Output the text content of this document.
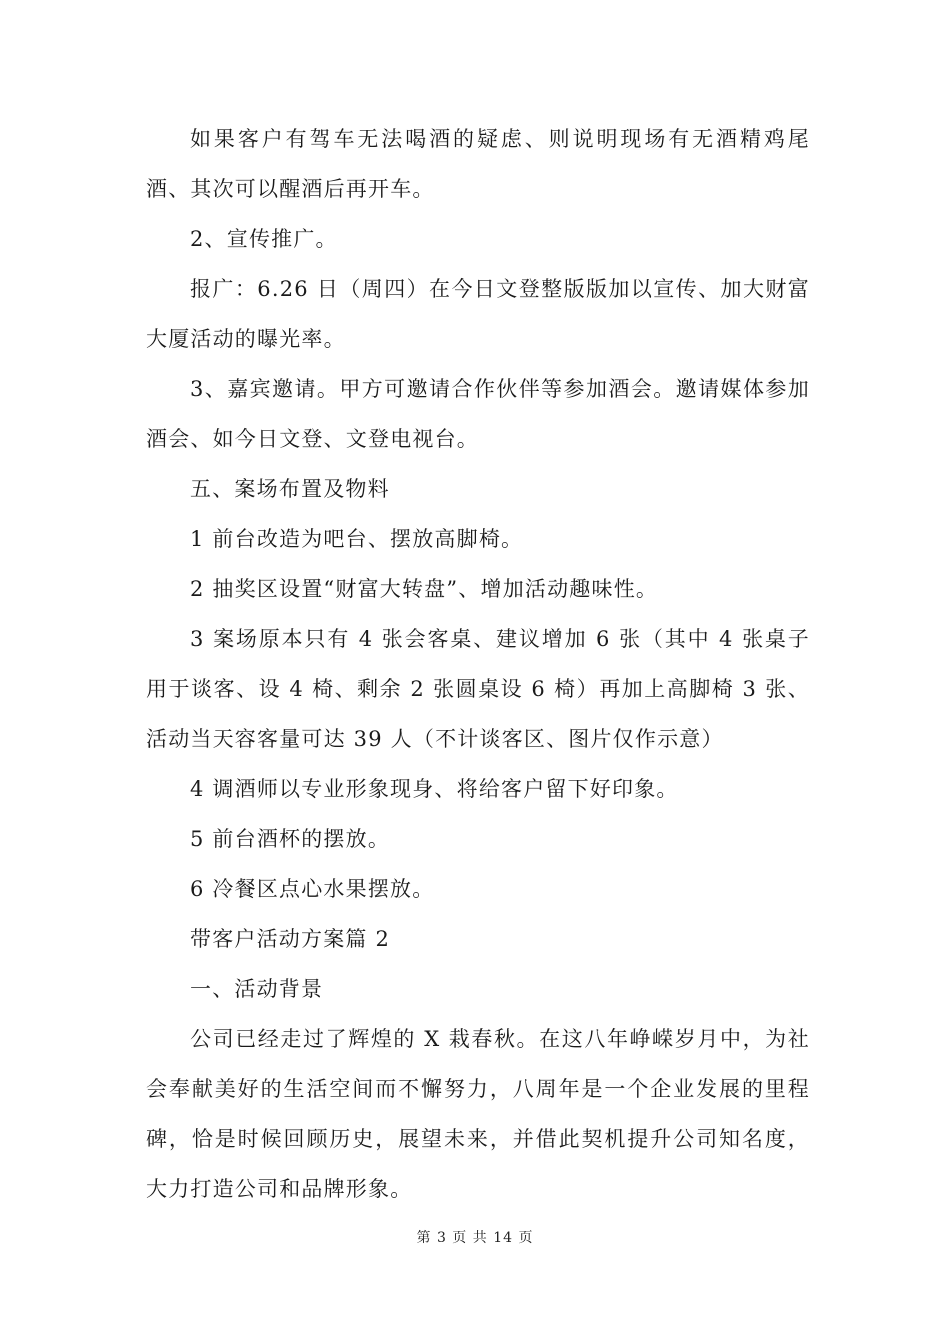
如果客户有驾车无法喝酒的疑虑、则说明现场有无酒精鸡尾酒、其次可以醒酒后再开车。

2、宣传推广。

报广：6.26 日（周四）在今日文登整版版加以宣传、加大财富大厦活动的曝光率。

3、嘉宾邀请。甲方可邀请合作伙伴等参加酒会。邀请媒体参加酒会、如今日文登、文登电视台。

五、案场布置及物料

1 前台改造为吧台、摆放高脚椅。

2 抽奖区设置“财富大转盘”、增加活动趣味性。

3 案场原本只有 4 张会客桌、建议增加 6 张（其中 4 张桌子用于谈客、设 4 椅、剩余 2 张圆桌设 6 椅）再加上高脚椅 3 张、活动当天容客量可达 39 人（不计谈客区、图片仅作示意）

4 调酒师以专业形象现身、将给客户留下好印象。

5 前台酒杯的摆放。

6 冷餐区点心水果摆放。

带客户活动方案篇 2

一、活动背景

公司已经走过了辉煌的 X 栽春秋。在这八年峥嵘岁月中，为社会奉献美好的生活空间而不懈努力，八周年是一个企业发展的里程碑，恰是时候回顾历史，展望未来，并借此契机提升公司知名度，大力打造公司和品牌形象。

第 3 页 共 14 页
